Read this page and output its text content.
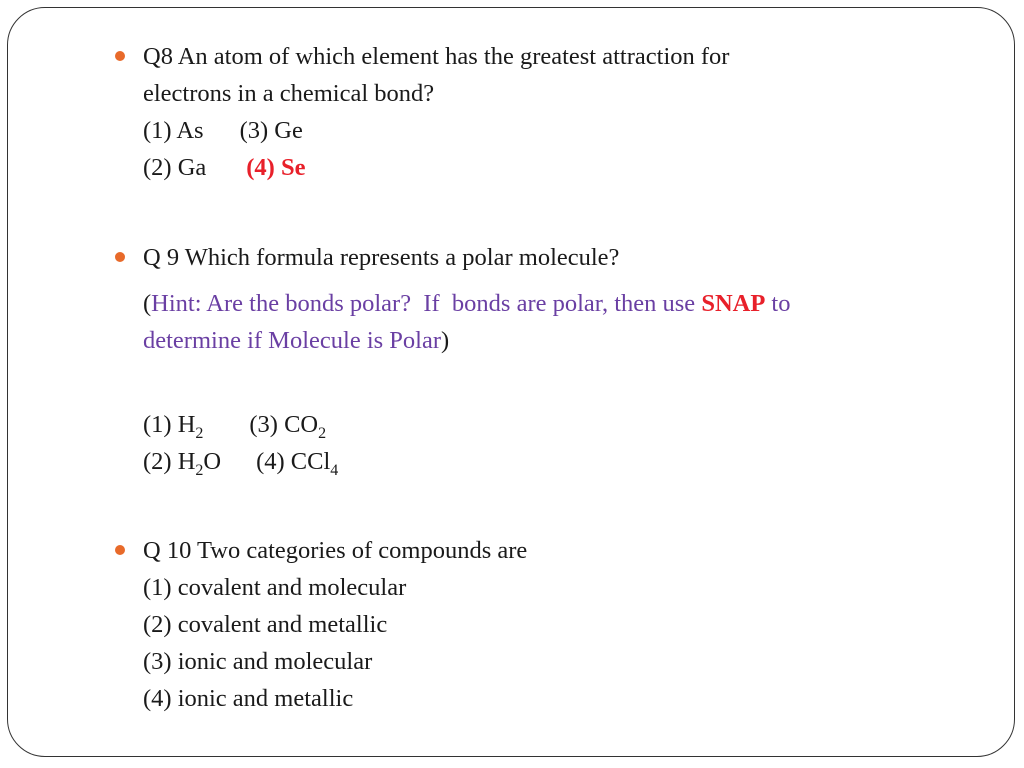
Q8 An atom of which element has the greatest attraction for
electrons in a chemical bond?
(1) As (3) Ge
(2) Ga (4) Se
Q 9 Which formula represents a polar molecule?
(Hint: Are the bonds polar?  If  bonds are polar, then use SNAP to
determine if Molecule is Polar)
(1) $H_2$ (3) $CO_2$
(2) $H_2O$ (4) CCl$_4$
Q 10 Two categories of compounds are
(1) covalent and molecular
(2) covalent and metallic
(3) ionic and molecular
(4) ionic and metallic
